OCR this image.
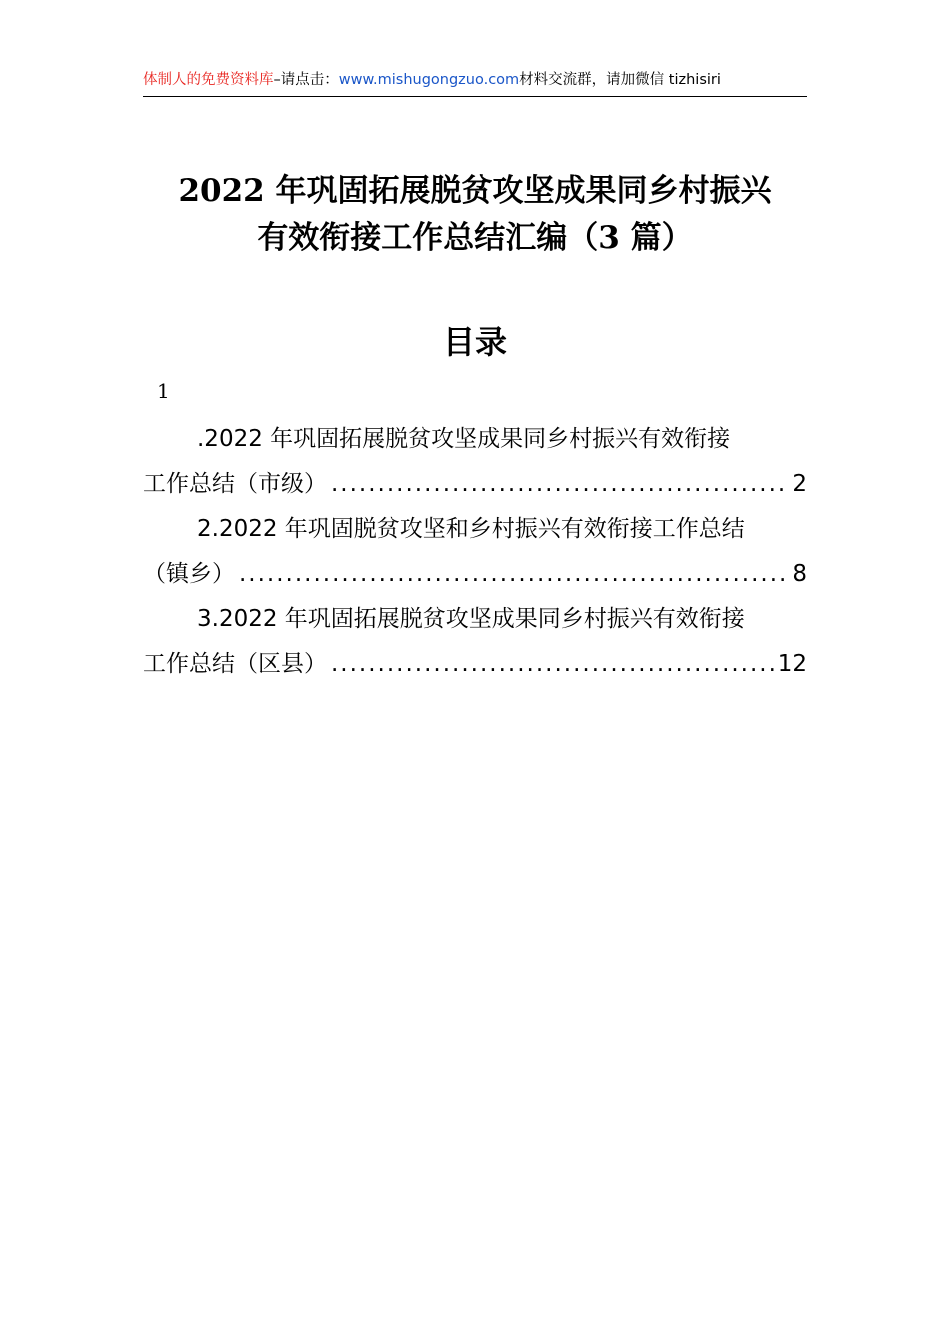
体制人的免费资料库–请点击：www.mishugongzuo.com材料交流群，请加微信 tizhisiri
2022 年巩固拓展脱贫攻坚成果同乡村振兴
有效衔接工作总结汇编（3 篇）
目录
1
.2022 年巩固拓展脱贫攻坚成果同乡村振兴有效衔接
工作总结（市级） .....	2
2.2022 年巩固脱贫攻坚和乡村振兴有效衔接工作总结
（镇乡） .....	8
3.2022 年巩固拓展脱贫攻坚成果同乡村振兴有效衔接
工作总结（区县） .....	12
